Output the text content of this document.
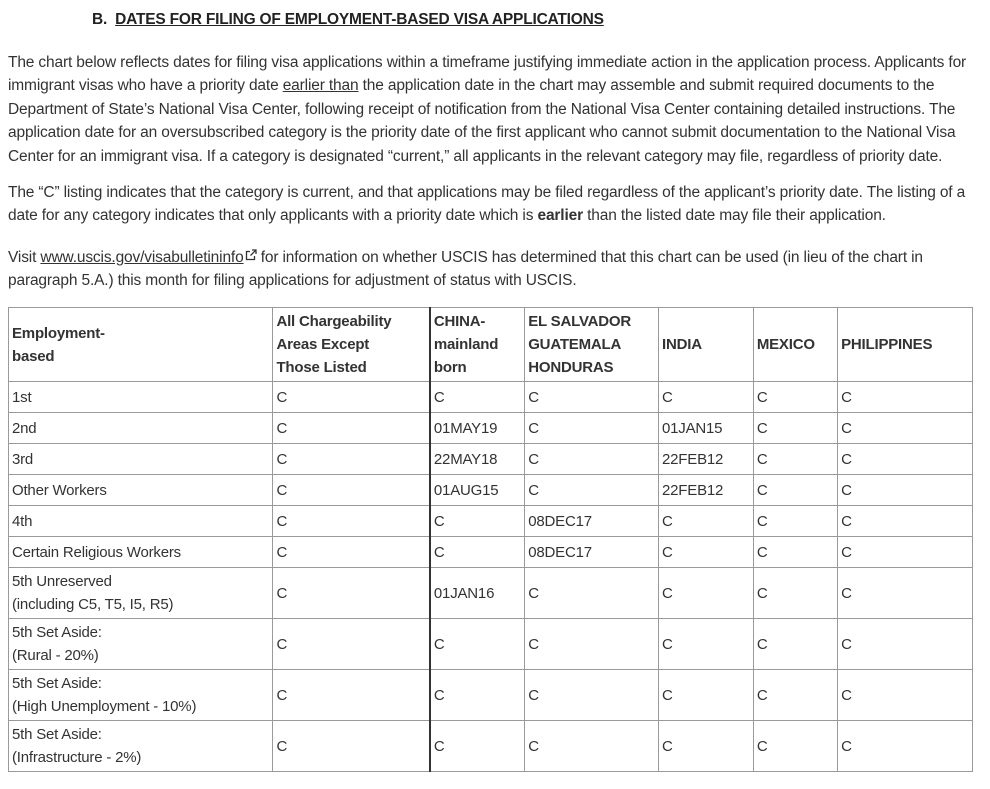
B. DATES FOR FILING OF EMPLOYMENT-BASED VISA APPLICATIONS
The chart below reflects dates for filing visa applications within a timeframe justifying immediate action in the application process. Applicants for immigrant visas who have a priority date earlier than the application date in the chart may assemble and submit required documents to the Department of State’s National Visa Center, following receipt of notification from the National Visa Center containing detailed instructions. The application date for an oversubscribed category is the priority date of the first applicant who cannot submit documentation to the National Visa Center for an immigrant visa. If a category is designated “current,” all applicants in the relevant category may file, regardless of priority date.
The “C” listing indicates that the category is current, and that applications may be filed regardless of the applicant’s priority date. The listing of a date for any category indicates that only applicants with a priority date which is earlier than the listed date may file their application.
Visit www.uscis.gov/visabulletininfo for information on whether USCIS has determined that this chart can be used (in lieu of the chart in paragraph 5.A.) this month for filing applications for adjustment of status with USCIS.
Employment-
based	All Chargeability
Areas Except
Those Listed	CHINA-
mainland
born	EL SALVADOR
GUATEMALA
HONDURAS	INDIA	MEXICO	PHILIPPINES
1st	C	C	C	C	C	C
2nd	C	01MAY19	C	01JAN15	C	C
3rd	C	22MAY18	C	22FEB12	C	C
Other Workers	C	01AUG15	C	22FEB12	C	C
4th	C	C	08DEC17	C	C	C
Certain Religious Workers	C	C	08DEC17	C	C	C
5th Unreserved
(including C5, T5, I5, R5)	C	01JAN16	C	C	C	C
5th Set Aside:
(Rural - 20%)	C	C	C	C	C	C
5th Set Aside:
(High Unemployment - 10%)	C	C	C	C	C	C
5th Set Aside:
(Infrastructure - 2%)	C	C	C	C	C	C
